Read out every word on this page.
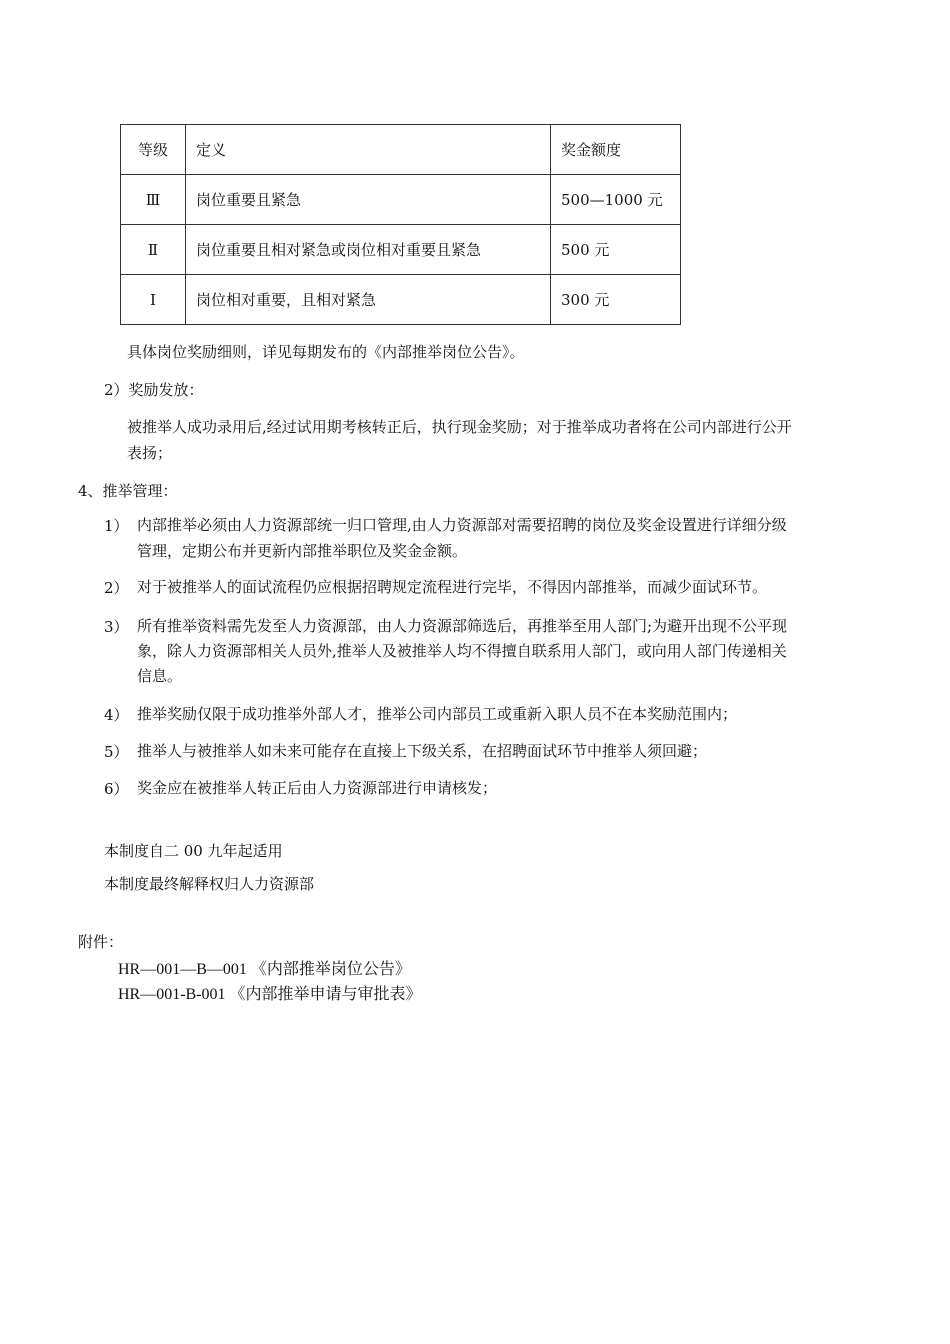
等级	定义	奖金额度
Ⅲ	岗位重要且紧急	500—1000 元
Ⅱ	岗位重要且相对紧急或岗位相对重要且紧急	500 元
Ⅰ	岗位相对重要，且相对紧急	300 元
具体岗位奖励细则，详见每期发布的《内部推举岗位公告》。
2）奖励发放：
被推举人成功录用后,经过试用期考核转正后，执行现金奖励；对于推举成功者将在公司内部进行公开
表扬；
4、推举管理：
1） 内部推举必须由人力资源部统一归口管理,由人力资源部对需要招聘的岗位及奖金设置进行详细分级
管理，定期公布并更新内部推举职位及奖金金额。
2） 对于被推举人的面试流程仍应根据招聘规定流程进行完毕，不得因内部推举，而减少面试环节。
3） 所有推举资料需先发至人力资源部，由人力资源部筛选后，再推举至用人部门;为避开出现不公平现
象，除人力资源部相关人员外,推举人及被推举人均不得擅自联系用人部门，或向用人部门传递相关
信息。
4） 推举奖励仅限于成功推举外部人才，推举公司内部员工或重新入职人员不在本奖励范围内；
5） 推举人与被推举人如未来可能存在直接上下级关系，在招聘面试环节中推举人须回避；
6） 奖金应在被推举人转正后由人力资源部进行申请核发；
本制度自二 00 九年起适用
本制度最终解释权归人力资源部
附件：
HR—001—B—001 《内部推举岗位公告》
HR—001-B-001 《内部推举申请与审批表》
